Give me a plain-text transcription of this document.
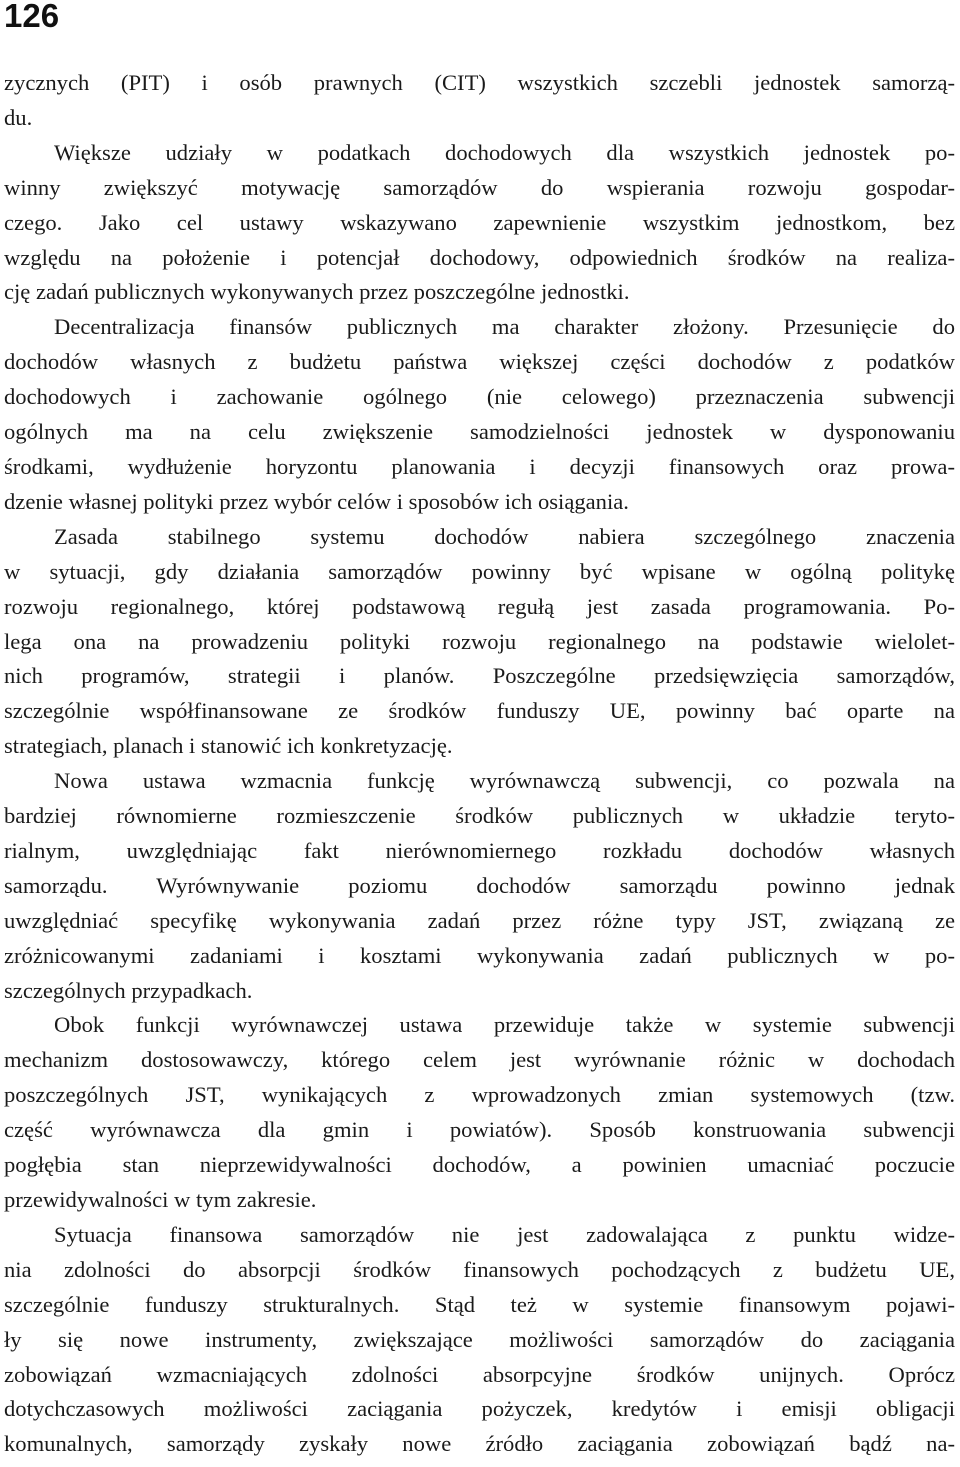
126

zycznych (PIT) i osób prawnych (CIT) wszystkich szczebli jednostek samorzą-
du.

Większe udziały w podatkach dochodowych dla wszystkich jednostek po-
winny zwiększyć motywację samorządów do wspierania rozwoju gospodar-
czego. Jako cel ustawy wskazywano zapewnienie wszystkim jednostkom, bez
względu na położenie i potencjał dochodowy, odpowiednich środków na realiza-
cję zadań publicznych wykonywanych przez poszczególne jednostki.

Decentralizacja finansów publicznych ma charakter złożony. Przesunięcie do
dochodów własnych z budżetu państwa większej części dochodów z podatków
dochodowych i zachowanie ogólnego (nie celowego) przeznaczenia subwencji
ogólnych ma na celu zwiększenie samodzielności jednostek w dysponowaniu
środkami, wydłużenie horyzontu planowania i decyzji finansowych oraz prowa-
dzenie własnej polityki przez wybór celów i sposobów ich osiągania.

Zasada stabilnego systemu dochodów nabiera szczególnego znaczenia
w sytuacji, gdy działania samorządów powinny być wpisane w ogólną politykę
rozwoju regionalnego, której podstawową regułą jest zasada programowania. Po-
lega ona na prowadzeniu polityki rozwoju regionalnego na podstawie wielolet-
nich programów, strategii i planów. Poszczególne przedsięwzięcia samorządów,
szczególnie współfinansowane ze środków funduszy UE, powinny bać oparte na
strategiach, planach i stanowić ich konkretyzację.

Nowa ustawa wzmacnia funkcję wyrównawczą subwencji, co pozwala na
bardziej równomierne rozmieszczenie środków publicznych w układzie teryto-
rialnym, uwzględniając fakt nierównomiernego rozkładu dochodów własnych
samorządu. Wyrównywanie poziomu dochodów samorządu powinno jednak
uwzględniać specyfikę wykonywania zadań przez różne typy JST, związaną ze
zróżnicowanymi zadaniami i kosztami wykonywania zadań publicznych w po-
szczególnych przypadkach.

Obok funkcji wyrównawczej ustawa przewiduje także w systemie subwencji
mechanizm dostosowawczy, którego celem jest wyrównanie różnic w dochodach
poszczególnych JST, wynikających z wprowadzonych zmian systemowych (tzw.
część wyrównawcza dla gmin i powiatów). Sposób konstruowania subwencji
pogłębia stan nieprzewidywalności dochodów, a powinien umacniać poczucie
przewidywalności w tym zakresie.

Sytuacja finansowa samorządów nie jest zadowalająca z punktu widze-
nia zdolności do absorpcji środków finansowych pochodzących z budżetu UE,
szczególnie funduszy strukturalnych. Stąd też w systemie finansowym pojawi-
ły się nowe instrumenty, zwiększające możliwości samorządów do zaciągania
zobowiązań wzmacniających zdolności absorpcyjne środków unijnych. Oprócz
dotychczasowych możliwości zaciągania pożyczek, kredytów i emisji obligacji
komunalnych, samorządy zyskały nowe źródło zaciągania zobowiązań bądź na-
